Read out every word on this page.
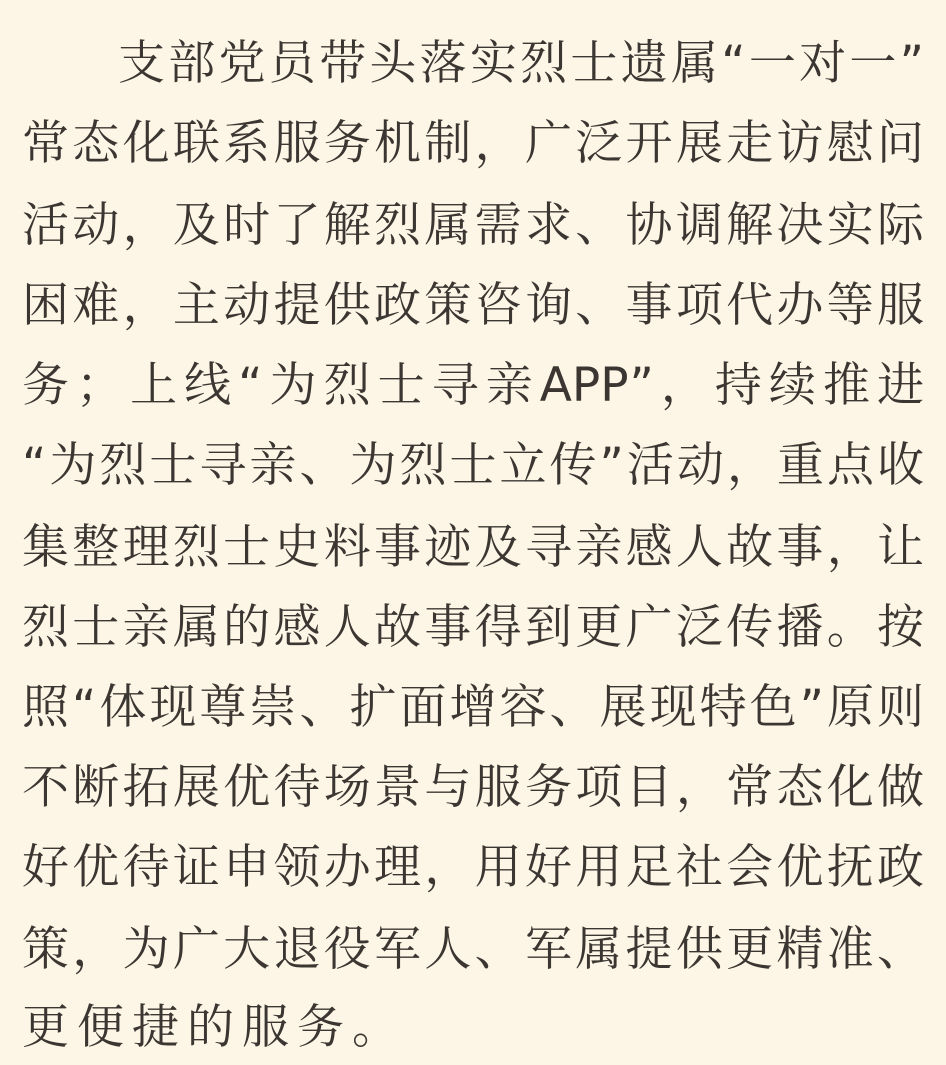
支部党员带头落实烈士遗属“一对一”
常态化联系服务机制，广泛开展走访慰问
活动，及时了解烈属需求、协调解决实际
困难，主动提供政策咨询、事项代办等服
务；上线“为烈士寻亲APP”，持续推进
“为烈士寻亲、为烈士立传”活动，重点收
集整理烈士史料事迹及寻亲感人故事，让
烈士亲属的感人故事得到更广泛传播。按
照“体现尊崇、扩面增容、展现特色”原则
不断拓展优待场景与服务项目，常态化做
好优待证申领办理，用好用足社会优抚政
策，为广大退役军人、军属提供更精准、
更便捷的服务。
